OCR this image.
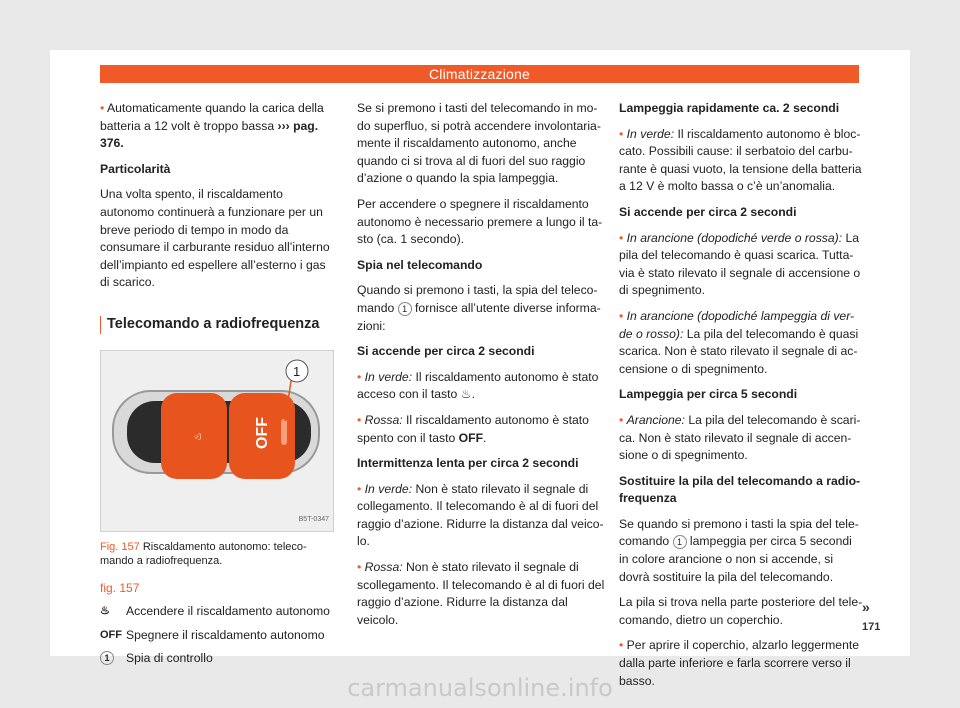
Climatizzazione

• Automaticamente quando la carica della batteria a 12 volt è troppo bassa ››› pag. 376.

Particolarità

Una volta spento, il riscaldamento autonomo continuerà a funzionare per un breve periodo di tempo in modo da consumare il carburante residuo all’interno dell’impianto ed espellere all’esterno i gas di scarico.

Telecomando a radiofrequenza
♨	OFF
1
B5T-0347

Fig. 157 Riscaldamento autonomo: teleco-mando a radiofrequenza.

fig. 157

♨	Accendere il riscaldamento autonomo
OFF Spegnere il riscaldamento autonomo
1	Spia di controllo

Se si premono i tasti del telecomando in mo-do superfluo, si potrà accendere involontaria-mente il riscaldamento autonomo, anche quando ci si trova al di fuori del suo raggio d’azione o quando la spia lampeggia.

Per accendere o spegnere il riscaldamento autonomo è necessario premere a lungo il ta-sto (ca. 1 secondo).

Spia nel telecomando

Quando si premono i tasti, la spia del teleco-mando 1 fornisce all’utente diverse informa-zioni:

Si accende per circa 2 secondi

• In verde: Il riscaldamento autonomo è stato acceso con il tasto ♨.

• Rossa: Il riscaldamento autonomo è stato spento con il tasto OFF.

Intermittenza lenta per circa 2 secondi

• In verde: Non è stato rilevato il segnale di collegamento. Il telecomando è al di fuori del raggio d’azione. Ridurre la distanza dal veico-lo.

• Rossa: Non è stato rilevato il segnale di scollegamento. Il telecomando è al di fuori del raggio d’azione. Ridurre la distanza dal veicolo.

Lampeggia rapidamente ca. 2 secondi

• In verde: Il riscaldamento autonomo è bloc-cato. Possibili cause: il serbatoio del carbu-rante è quasi vuoto, la tensione della batteria a 12 V è molto bassa o c’è un’anomalia.

Si accende per circa 2 secondi

• In arancione (dopodiché verde o rossa): La pila del telecomando è quasi scarica. Tutta-via è stato rilevato il segnale di accensione o di spegnimento.

• In arancione (dopodiché lampeggia di ver-de o rosso): La pila del telecomando è quasi scarica. Non è stato rilevato il segnale di ac-censione o di spegnimento.

Lampeggia per circa 5 secondi

• Arancione: La pila del telecomando è scari-ca. Non è stato rilevato il segnale di accen-sione o di spegnimento.

Sostituire la pila del telecomando a radio-frequenza

Se quando si premono i tasti la spia del tele-comando 1 lampeggia per circa 5 secondi in colore arancione o non si accende, si dovrà sostituire la pila del telecomando.

La pila si trova nella parte posteriore del tele-comando, dietro un coperchio.

• Per aprire il coperchio, alzarlo leggermente dalla parte inferiore e farla scorrere verso il basso.

»
171
carmanualsonline.info
